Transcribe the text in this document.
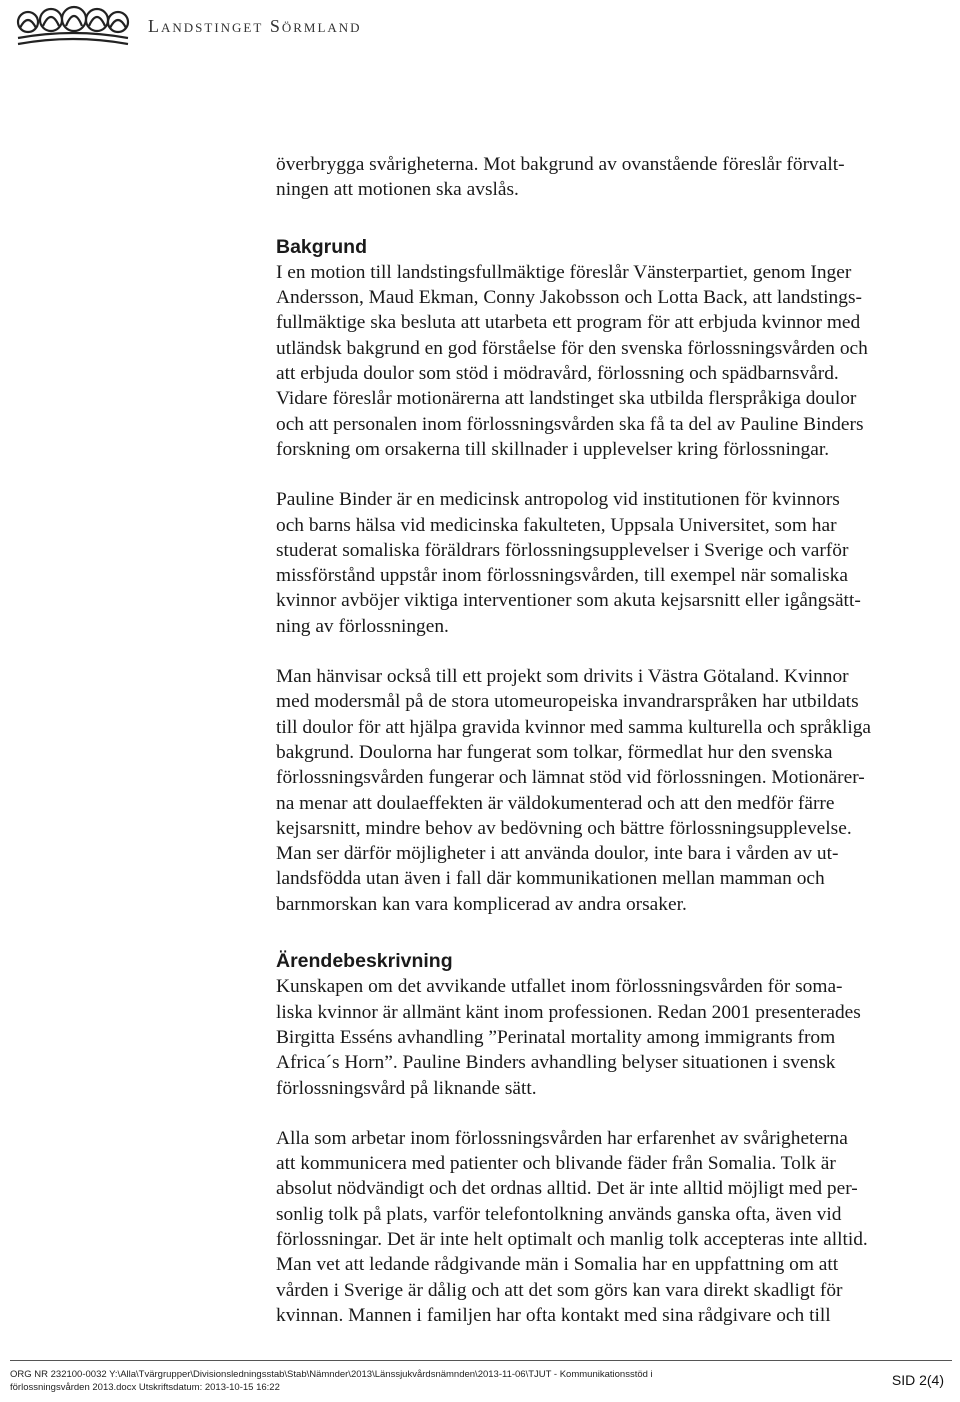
Landstinget Sörmland

överbrygga svårigheterna. Mot bakgrund av ovanstående föreslår förvalt-
ningen att motionen ska avslås.

Bakgrund

I en motion till landstingsfullmäktige föreslår Vänsterpartiet, genom Inger
Andersson, Maud Ekman, Conny Jakobsson och Lotta Back, att landstings-
fullmäktige ska besluta att utarbeta ett program för att erbjuda kvinnor med
utländsk bakgrund en god förståelse för den svenska förlossningsvården och
att erbjuda doulor som stöd i mödravård, förlossning och spädbarnsvård.
Vidare föreslår motionärerna att landstinget ska utbilda flerspråkiga doulor
och att personalen inom förlossningsvården ska få ta del av Pauline Binders
forskning om orsakerna till skillnader i upplevelser kring förlossningar.

Pauline Binder är en medicinsk antropolog vid institutionen för kvinnors
och barns hälsa vid medicinska fakulteten, Uppsala Universitet, som har
studerat somaliska föräldrars förlossningsupplevelser i Sverige och varför
missförstånd uppstår inom förlossningsvården, till exempel när somaliska
kvinnor avböjer viktiga interventioner som akuta kejsarsnitt eller igångsätt-
ning av förlossningen.

Man hänvisar också till ett projekt som drivits i Västra Götaland. Kvinnor
med modersmål på de stora utomeuropeiska invandrarspråken har utbildats
till doulor för att hjälpa gravida kvinnor med samma kulturella och språkliga
bakgrund. Doulorna har fungerat som tolkar, förmedlat hur den svenska
förlossningsvården fungerar och lämnat stöd vid förlossningen. Motionärer-
na menar att doulaeffekten är väldokumenterad och att den medför färre
kejsarsnitt, mindre behov av bedövning och bättre förlossningsupplevelse.
Man ser därför möjligheter i att använda doulor, inte bara i vården av ut-
landsfödda utan även i fall där kommunikationen mellan mamman och
barnmorskan kan vara komplicerad av andra orsaker.

Ärendebeskrivning

Kunskapen om det avvikande utfallet inom förlossningsvården för soma-
liska kvinnor är allmänt känt inom professionen. Redan 2001 presenterades
Birgitta Esséns avhandling ”Perinatal mortality among immigrants from
Africa´s Horn”. Pauline Binders avhandling belyser situationen i svensk
förlossningsvård på liknande sätt.

Alla som arbetar inom förlossningsvården har erfarenhet av svårigheterna
att kommunicera med patienter och blivande fäder från Somalia. Tolk är
absolut nödvändigt och det ordnas alltid. Det är inte alltid möjligt med per-
sonlig tolk på plats, varför telefontolkning används ganska ofta, även vid
förlossningar. Det är inte helt optimalt och manlig tolk accepteras inte alltid.
Man vet att ledande rådgivande män i Somalia har en uppfattning om att
vården i Sverige är dålig och att det som görs kan vara direkt skadligt för
kvinnan. Mannen i familjen har ofta kontakt med sina rådgivare och till

ORG NR 232100-0032 Y:\Alla\Tvärgrupper\Divisionsledningsstab\Stab\Nämnder\2013\Länssjukvårdsnämnden\2013-11-06\TJUT - Kommunikationsstöd i
förlossningsvården 2013.docx Utskriftsdatum: 2013-10-15 16:22	SID 2(4)
